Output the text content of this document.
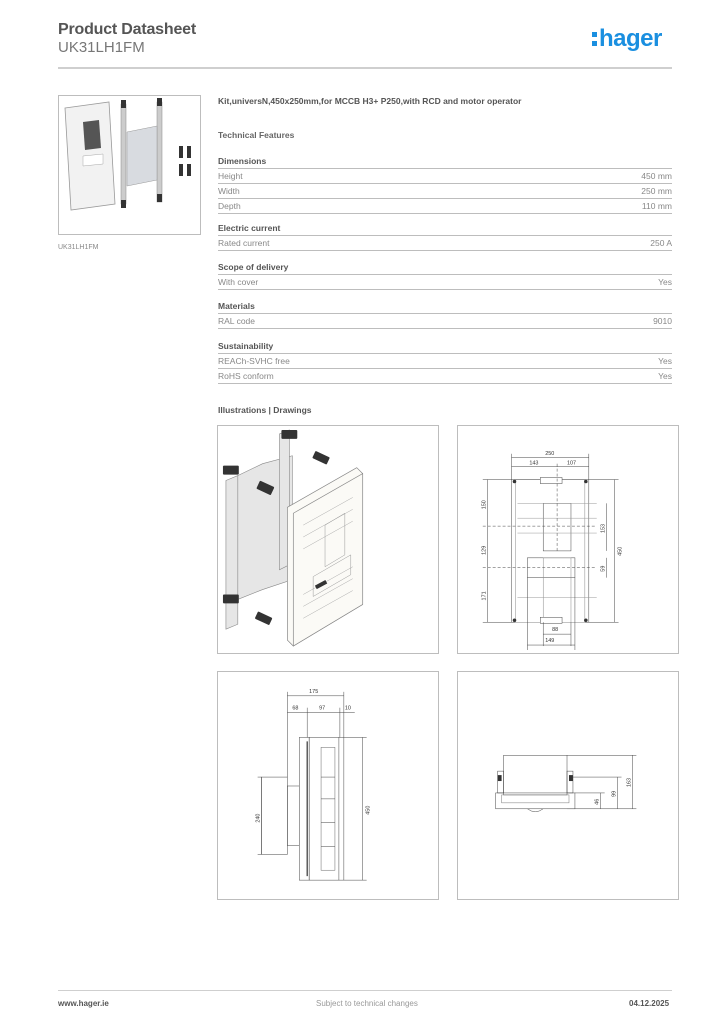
Product Datasheet
UK31LH1FM	hager
UK31LH1FM
Kit,universN,450x250mm,for MCCB H3+ P250,with RCD and motor operator
Technical Features
Dimensions
Height	450 mm
Width	250 mm
Depth	110 mm
Electric current
Rated current	250 A
Scope of delivery
With cover	Yes
Materials
RAL code	9010
Sustainability
REACh-SVHC free	Yes
RoHS conform	Yes
Illustrations | Drawings
250
143	107
150
129
171
153
59
450
88
149
175
68	97	10
240
450
46
99
163
www.hager.ie	Subject to technical changes	04.12.2025
